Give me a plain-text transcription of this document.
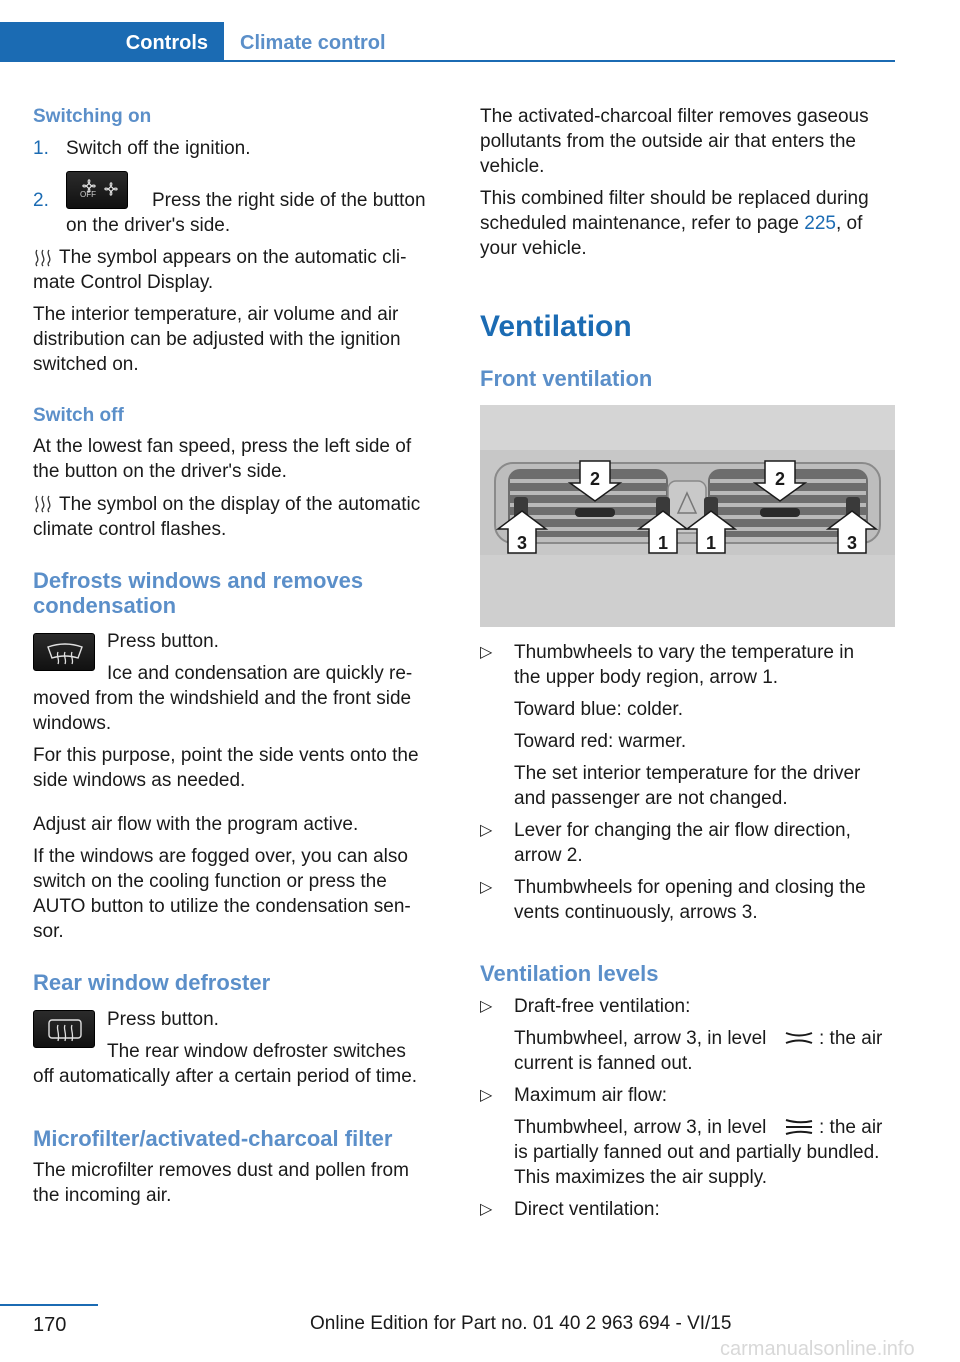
Controls	Climate control
Switching on
1. Switch off the ignition.
2.	OFF	Press the right side of the button
on the driver's side.
The symbol appears on the automatic cli‐
mate Control Display.
The interior temperature, air volume and air
distribution can be adjusted with the ignition
switched on.
Switch off
At the lowest fan speed, press the left side of
the button on the driver's side.
The symbol on the display of the automatic
climate control flashes.
Defrosts windows and removes
condensation
Press button.
Ice and condensation are quickly re‐
moved from the windshield and the front side
windows.
For this purpose, point the side vents onto the
side windows as needed.
Adjust air flow with the program active.
If the windows are fogged over, you can also
switch on the cooling function or press the
AUTO button to utilize the condensation sen‐
sor.
Rear window defroster
Press button.
The rear window defroster switches
off automatically after a certain period of time.
Microfilter/activated-charcoal filter
The microfilter removes dust and pollen from
the incoming air.
The activated-charcoal filter removes gaseous
pollutants from the outside air that enters the
vehicle.
This combined filter should be replaced during
scheduled maintenance, refer to page 225, of
your vehicle.
Ventilation
Front ventilation
2	2
3	1 1	3
▷ Thumbwheels to vary the temperature in
the upper body region, arrow 1.
Toward blue: colder.
Toward red: warmer.
The set interior temperature for the driver
and passenger are not changed.
▷ Lever for changing the air flow direction,
arrow 2.
▷ Thumbwheels for opening and closing the
vents continuously, arrows 3.
Ventilation levels
▷ Draft-free ventilation:
Thumbwheel, arrow 3, in level	: the air
current is fanned out.
▷ Maximum air flow:
Thumbwheel, arrow 3, in level	: the air
is partially fanned out and partially bundled.
This maximizes the air supply.
▷ Direct ventilation:
170	Online Edition for Part no. 01 40 2 963 694 - VI/15
carmanualsonline.info
